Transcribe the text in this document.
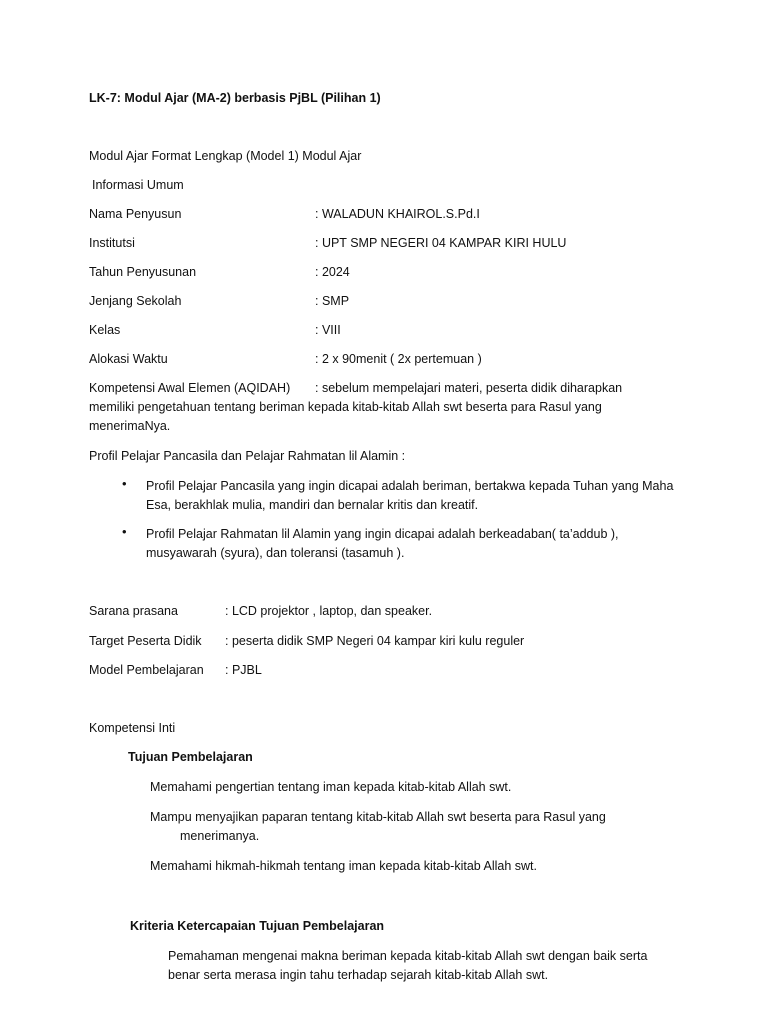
LK-7: Modul Ajar (MA-2) berbasis PjBL (Pilihan 1)
Modul Ajar Format Lengkap (Model 1) Modul Ajar
Informasi Umum
Nama Penyusun	: WALADUN KHAIROL.S.Pd.I
Institutsi	: UPT SMP NEGERI 04 KAMPAR KIRI HULU
Tahun Penyusunan	: 2024
Jenjang Sekolah	: SMP
Kelas	: VIII
Alokasi Waktu	: 2 x 90menit ( 2x pertemuan )
Kompetensi Awal Elemen (AQIDAH) : sebelum mempelajari materi, peserta didik diharapkan
memiliki pengetahuan tentang beriman kepada kitab-kitab Allah swt beserta para Rasul yang
menerimaNya.
Profil Pelajar Pancasila dan Pelajar Rahmatan lil Alamin :
• Profil Pelajar Pancasila yang ingin dicapai adalah beriman, bertakwa kepada Tuhan yang Maha
Esa, berakhlak mulia, mandiri dan bernalar kritis dan kreatif.
• Profil Pelajar Rahmatan lil Alamin yang ingin dicapai adalah berkeadaban( ta’addub ),
musyawarah (syura), dan toleransi (tasamuh ).
Sarana prasana	: LCD projektor , laptop, dan speaker.
Target Peserta Didik : peserta didik SMP Negeri 04 kampar kiri kulu reguler
Model Pembelajaran : PJBL
Kompetensi Inti
Tujuan Pembelajaran
Memahami pengertian tentang iman kepada kitab-kitab Allah swt.
Mampu menyajikan paparan tentang kitab-kitab Allah swt beserta para Rasul yang
menerimanya.
Memahami hikmah-hikmah tentang iman kepada kitab-kitab Allah swt.
Kriteria Ketercapaian Tujuan Pembelajaran
Pemahaman mengenai makna beriman kepada kitab-kitab Allah swt dengan baik serta
benar serta merasa ingin tahu terhadap sejarah kitab-kitab Allah swt.
